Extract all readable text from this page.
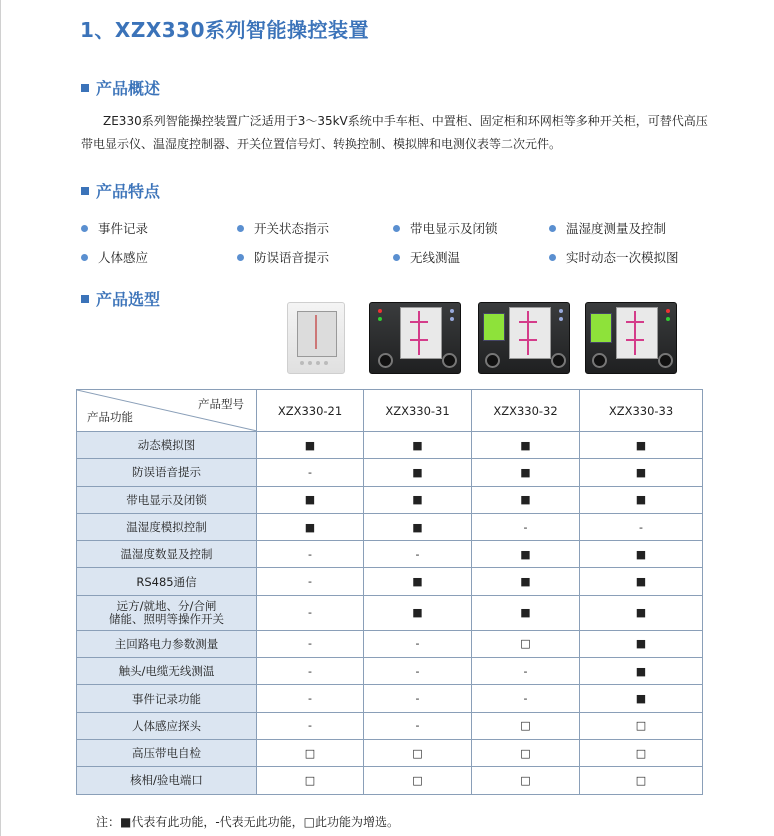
1、XZX330系列智能操控装置
产品概述
ZE330系列智能操控装置广泛适用于3～35kV系统中手车柜、中置柜、固定柜和环网柜等多种开关柜，可替代高压带电显示仪、温湿度控制器、开关位置信号灯、转换控制、模拟牌和电测仪表等二次元件。
产品特点
事件记录	开关状态指示	带电显示及闭锁	温湿度测量及控制
人体感应	防误语音提示	无线测温	实时动态一次模拟图
产品选型
产品型号
产品功能	XZX330-21	XZX330-31	XZX330-32	XZX330-33
动态模拟图	■	■	■	■
防误语音提示	-	■	■	■
带电显示及闭锁	■	■	■	■
温湿度模拟控制	■	■	-	-
温湿度数显及控制	-	-	■	■
RS485通信	-	■	■	■
远方/就地、分/合闸
储能、照明等操作开关	-	■	■	■
主回路电力参数测量	-	-	□	■
触头/电缆无线测温	-	-	-	■
事件记录功能	-	-	-	■
人体感应探头	-	-	□	□
高压带电自检	□	□	□	□
核相/验电端口	□	□	□	□
注：■代表有此功能，-代表无此功能，□此功能为增选。
